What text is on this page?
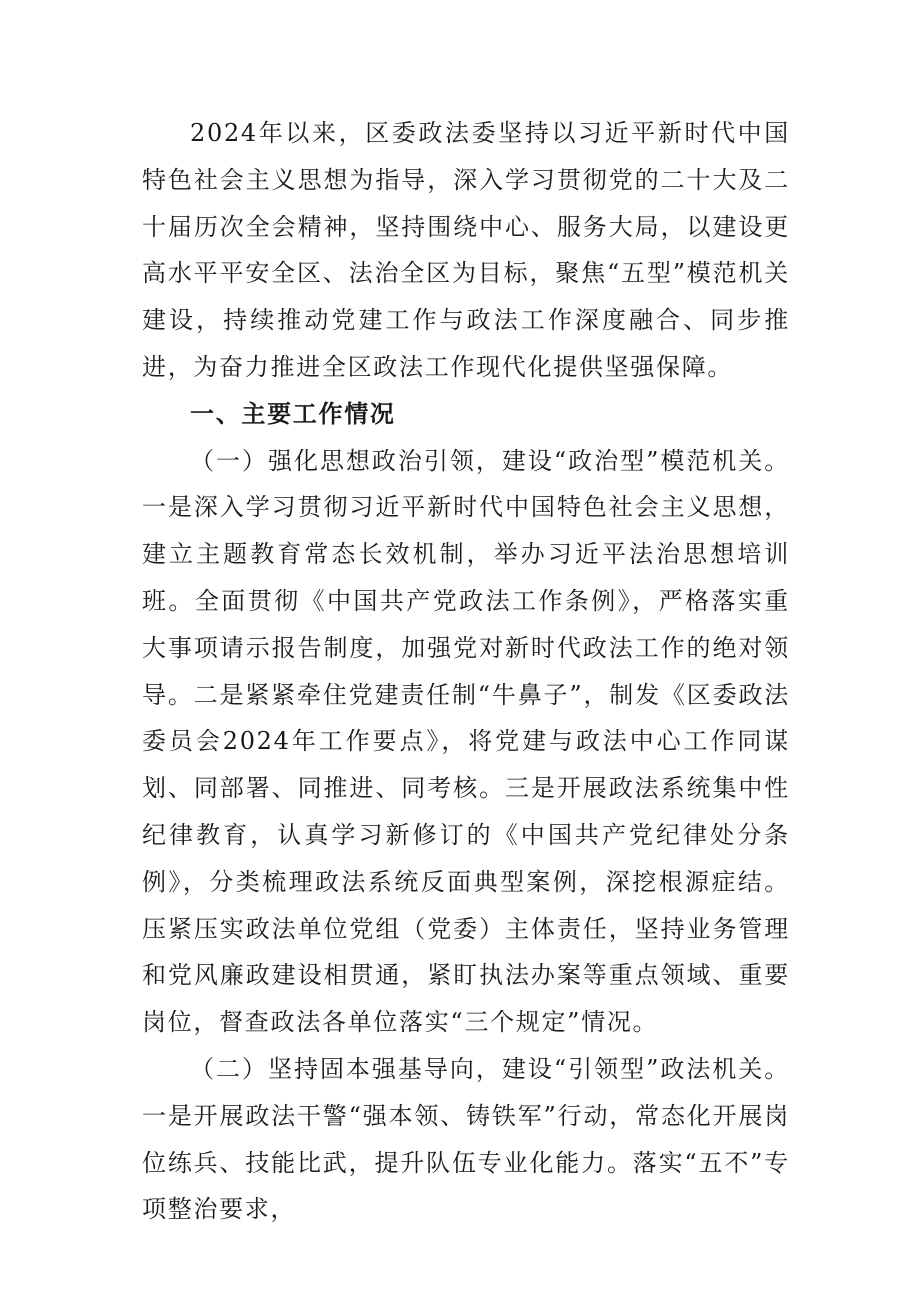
2024年以来，区委政法委坚持以习近平新时代中国特色社会主义思想为指导，深入学习贯彻党的二十大及二十届历次全会精神，坚持围绕中心、服务大局，以建设更高水平平安全区、法治全区为目标，聚焦“五型”模范机关建设，持续推动党建工作与政法工作深度融合、同步推进，为奋力推进全区政法工作现代化提供坚强保障。

一、主要工作情况

（一）强化思想政治引领，建设“政治型”模范机关。一是深入学习贯彻习近平新时代中国特色社会主义思想，建立主题教育常态长效机制，举办习近平法治思想培训班。全面贯彻《中国共产党政法工作条例》，严格落实重大事项请示报告制度，加强党对新时代政法工作的绝对领导。二是紧紧牵住党建责任制“牛鼻子”，制发《区委政法委员会2024年工作要点》，将党建与政法中心工作同谋划、同部署、同推进、同考核。三是开展政法系统集中性纪律教育，认真学习新修订的《中国共产党纪律处分条例》，分类梳理政法系统反面典型案例，深挖根源症结。压紧压实政法单位党组（党委）主体责任，坚持业务管理和党风廉政建设相贯通，紧盯执法办案等重点领域、重要岗位，督查政法各单位落实“三个规定”情况。

（二）坚持固本强基导向，建设“引领型”政法机关。一是开展政法干警“强本领、铸铁军”行动，常态化开展岗位练兵、技能比武，提升队伍专业化能力。落实“五不”专项整治要求，
